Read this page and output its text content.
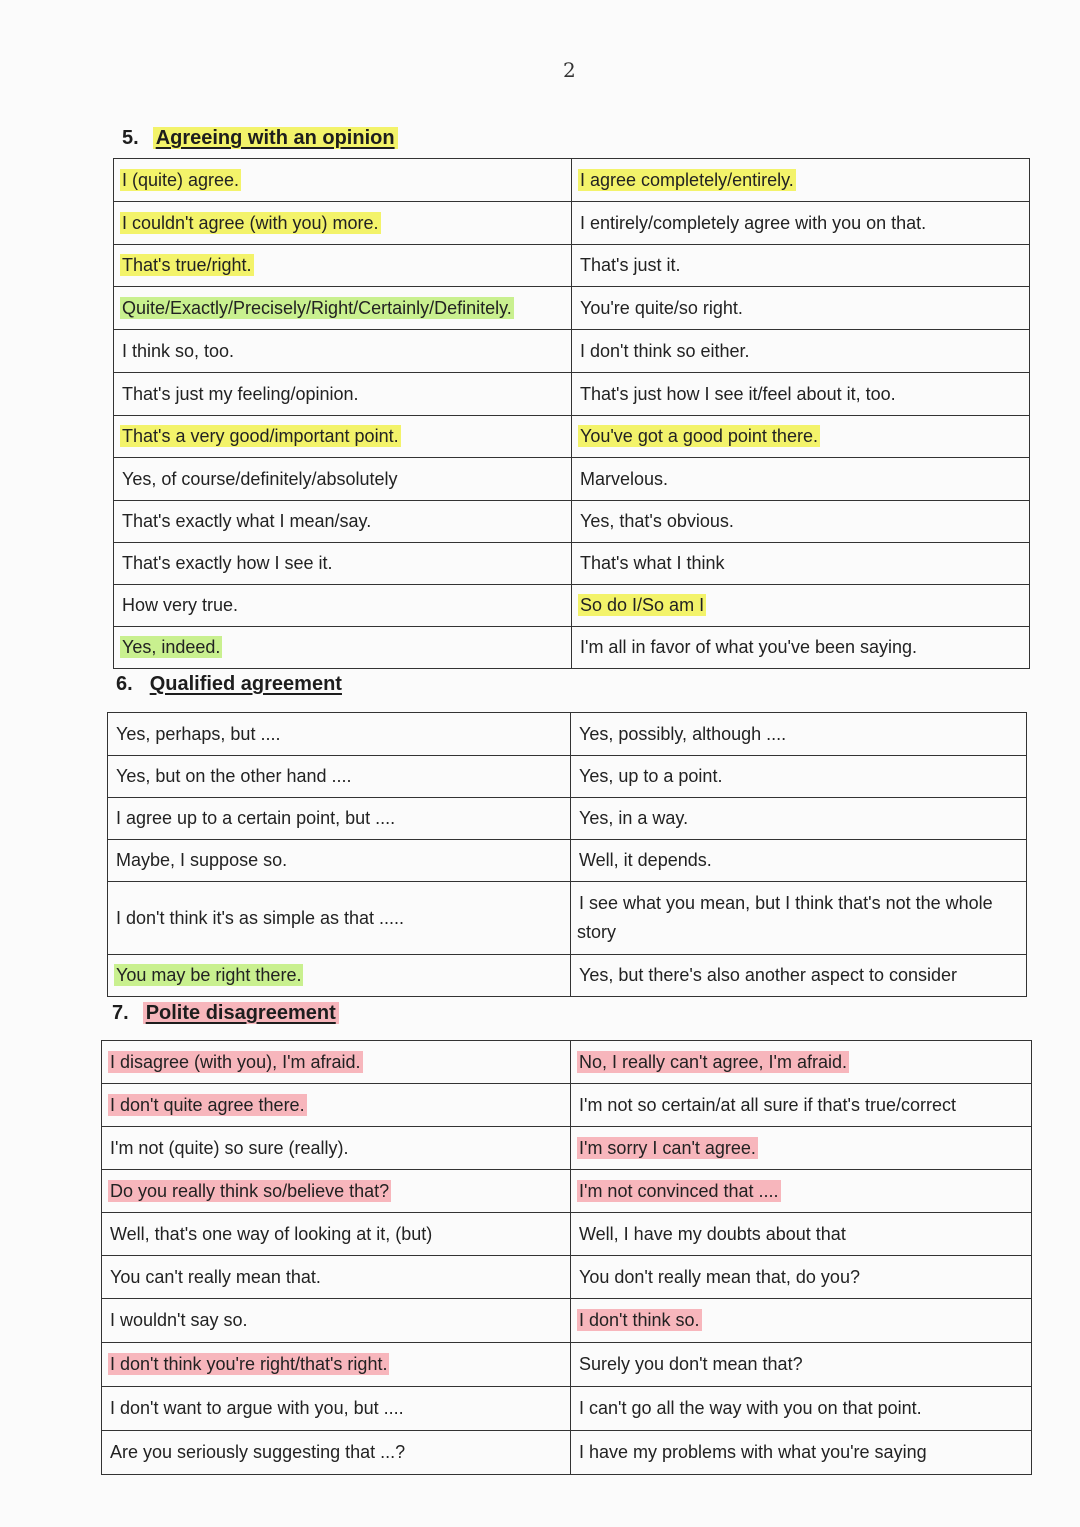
2
5. Agreeing with an opinion
I (quite) agree.	I agree completely/entirely.
I couldn't agree (with you) more.	I entirely/completely agree with you on that.
That's true/right.	That's just it.
Quite/Exactly/Precisely/Right/Certainly/Definitely.	You're quite/so right.
I think so, too.	I don't think so either.
That's just my feeling/opinion.	That's just how I see it/feel about it, too.
That's a very good/important point.	You've got a good point there.
Yes, of course/definitely/absolutely	Marvelous.
That's exactly what I mean/say.	Yes, that's obvious.
That's exactly how I see it.	That's what I think
How very true.	So do I/So am I
Yes, indeed.	I'm all in favor of what you've been saying.
6. Qualified agreement
Yes, perhaps, but ....	Yes, possibly, although ....
Yes, but on the other hand ....	Yes, up to a point.
I agree up to a certain point, but ....	Yes, in a way.
Maybe, I suppose so.	Well, it depends.
I don't think it's as simple as that .....	I see what you mean, but I think that's not the whole story
You may be right there.	Yes, but there's also another aspect to consider
7. Polite disagreement
I disagree (with you), I'm afraid.	No, I really can't agree, I'm afraid.
I don't quite agree there.	I'm not so certain/at all sure if that's true/correct
I'm not (quite) so sure (really).	I'm sorry I can't agree.
Do you really think so/believe that?	I'm not convinced that ....
Well, that's one way of looking at it, (but)	Well, I have my doubts about that
You can't really mean that.	You don't really mean that, do you?
I wouldn't say so.	I don't think so.
I don't think you're right/that's right.	Surely you don't mean that?
I don't want to argue with you, but ....	I can't go all the way with you on that point.
Are you seriously suggesting that ...?	I have my problems with what you're saying
